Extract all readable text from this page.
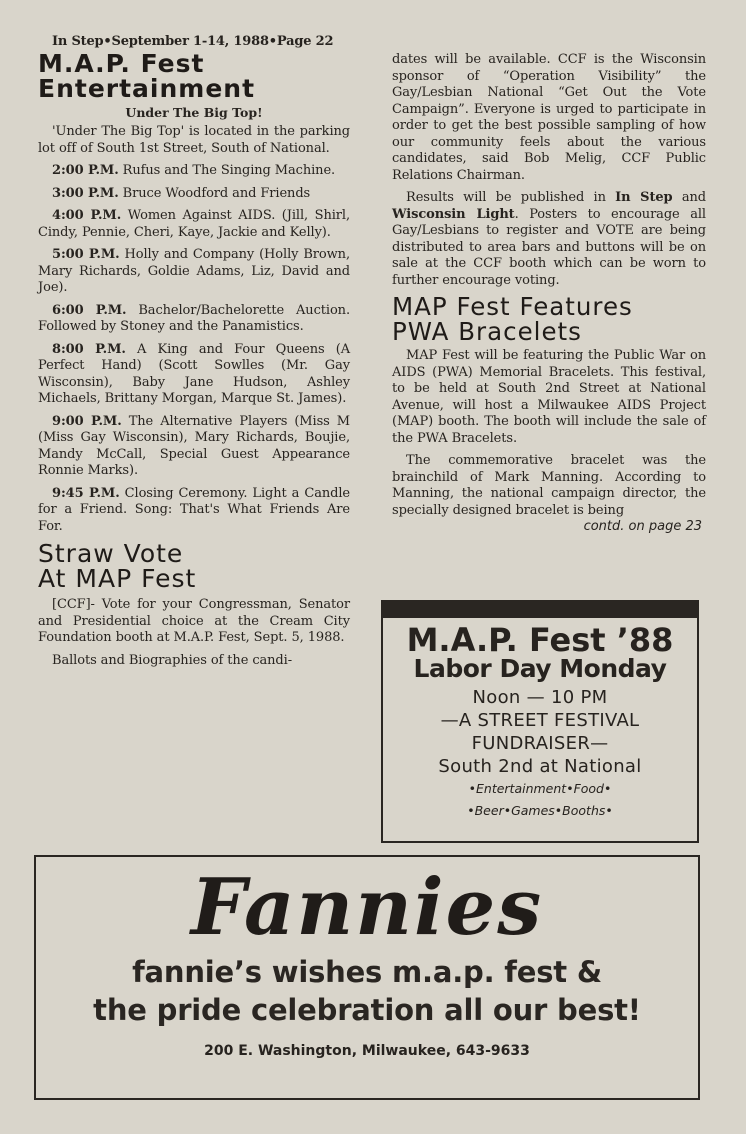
In Step•September 1-14, 1988•Page 22
M.A.P. Fest
Entertainment
Under The Big Top!

'Under The Big Top' is located in the parking lot off of South 1st Street, South of National.

2:00 P.M. Rufus and The Singing Machine.

3:00 P.M. Bruce Woodford and Friends

4:00 P.M. Women Against AIDS. (Jill, Shirl, Cindy, Pennie, Cheri, Kaye, Jackie and Kelly).

5:00 P.M. Holly and Company (Holly Brown, Mary Richards, Goldie Adams, Liz, David and Joe).

6:00 P.M. Bachelor/Bachelorette Auction. Followed by Stoney and the Panamistics.

8:00 P.M. A King and Four Queens (A Perfect Hand) (Scott Sowlles (Mr. Gay Wisconsin), Baby Jane Hudson, Ashley Michaels, Brittany Morgan, Marque St. James).

9:00 P.M. The Alternative Players (Miss M (Miss Gay Wisconsin), Mary Richards, Boujie, Mandy McCall, Special Guest Appearance Ronnie Marks).

9:45 P.M. Closing Ceremony. Light a Candle for a Friend. Song: That's What Friends Are For.

Straw Vote
At MAP Fest

[CCF]- Vote for your Congressman, Senator and Presidential choice at the Cream City Foundation booth at M.A.P. Fest, Sept. 5, 1988.

Ballots and Biographies of the candi-

dates will be available. CCF is the Wisconsin sponsor of “Operation Visibility” the Gay/Lesbian National “Get Out the Vote Campaign”. Everyone is urged to participate in order to get the best possible sampling of how our community feels about the various candidates, said Bob Melig, CCF Public Relations Chairman.

Results will be published in In Step and Wisconsin Light. Posters to encourage all Gay/Lesbians to register and VOTE are being distributed to area bars and buttons will be on sale at the CCF booth which can be worn to further encourage voting.

MAP Fest Features
PWA Bracelets

MAP Fest will be featuring the Public War on AIDS (PWA) Memorial Bracelets. This festival, to be held at South 2nd Street at National Avenue, will host a Milwaukee AIDS Project (MAP) booth. The booth will include the sale of the PWA Bracelets.

The commemorative bracelet was the brainchild of Mark Manning. According to Manning, the national campaign director, the specially designed bracelet is being

contd. on page 23
M.A.P. Fest ’88
Labor Day Monday
Noon — 10 PM
—A STREET FESTIVAL
FUNDRAISER—
South 2nd at National
•Entertainment•Food•
•Beer•Games•Booths•
Fannies
fannie’s wishes m.a.p. fest &
the pride celebration all our best!
200 E. Washington, Milwaukee, 643-9633
